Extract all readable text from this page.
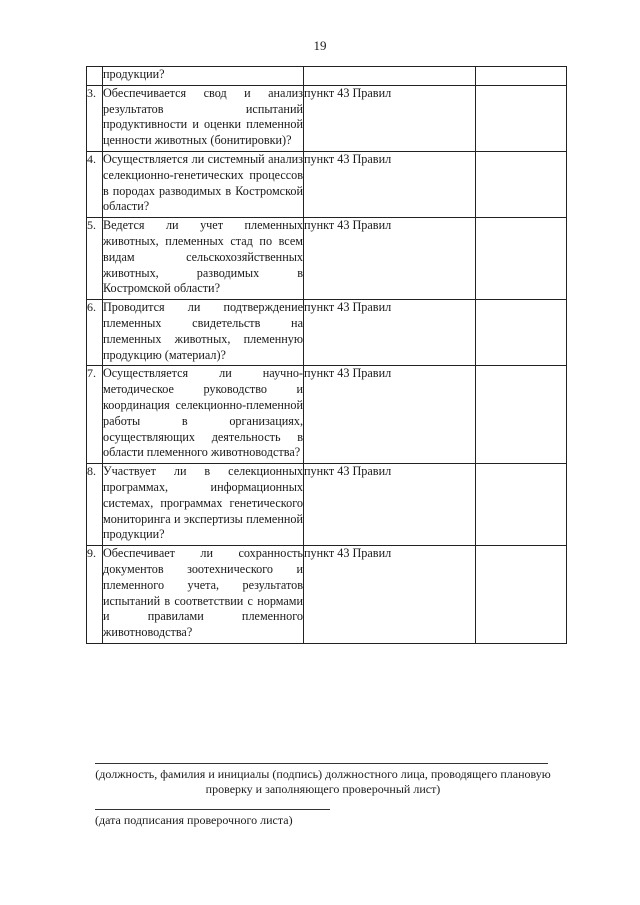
19
	продукции?		
3.	Обеспечивается свод и анализ результатов испытаний продуктивности и оценки племенной ценности животных (бонитировки)?	пункт 43 Правил	
4.	Осуществляется ли системный анализ селекционно-генетических процессов в породах разводимых в Костромской области?	пункт 43 Правил	
5.	Ведется ли учет племенных животных, племенных стад по всем видам сельскохозяйственных животных, разводимых в Костромской области?	пункт 43 Правил	
6.	Проводится ли подтверждение племенных свидетельств на племенных животных, племенную продукцию (материал)?	пункт 43 Правил	
7.	Осуществляется ли научно-методическое руководство и координация селекционно-племенной работы в организациях, осуществляющих деятельность в области племенного животноводства?	пункт 43 Правил	
8.	Участвует ли в селекционных программах, информационных системах, программах генетического мониторинга и экспертизы племенной продукции?	пункт 43 Правил	
9.	Обеспечивает ли сохранность документов зоотехнического и племенного учета, результатов испытаний в соответствии с нормами и правилами племенного животноводства?	пункт 43 Правил	
(должность, фамилия и инициалы (подпись) должностного лица, проводящего плановую проверку и заполняющего проверочный лист)
(дата подписания проверочного листа)
